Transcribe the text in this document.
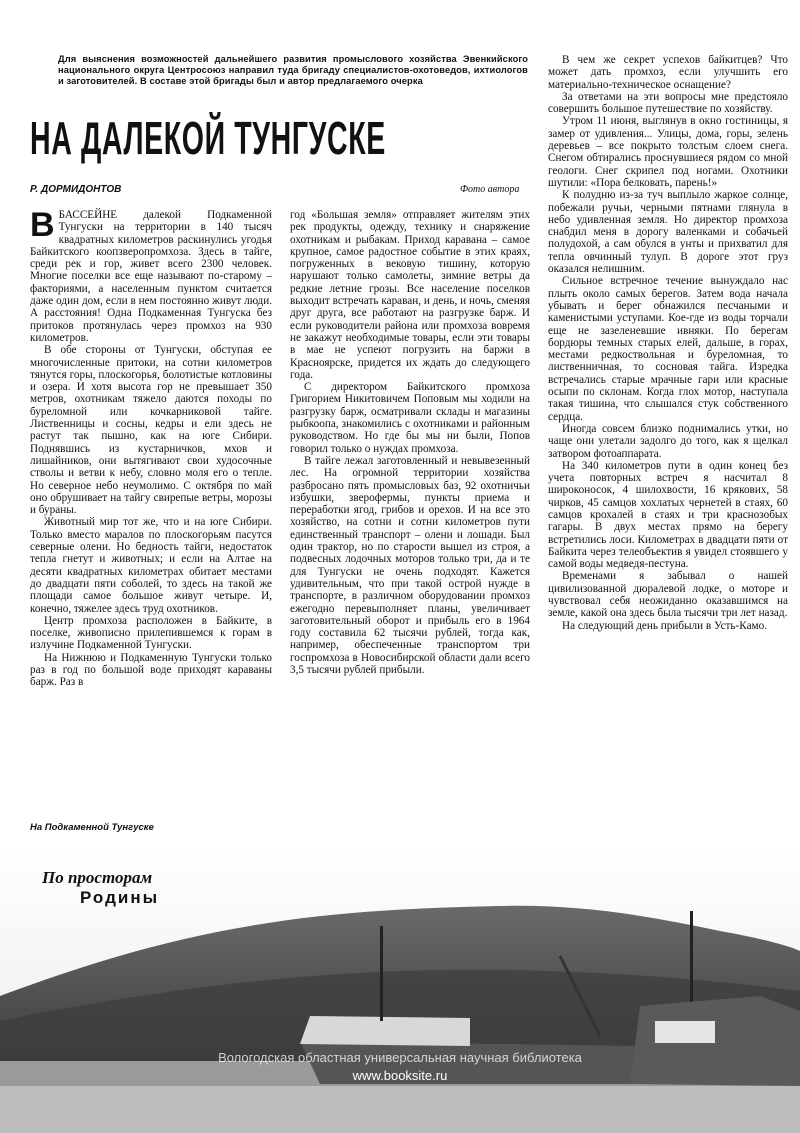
Для выяснения возможностей дальнейшего развития промыслового хозяйства Эвенкийского национального округа Центросоюз направил туда бригаду специалистов-охотоведов, ихтиологов и заготовителей. В составе этой бригады был и автор предлагаемого очерка
НА ДАЛЕКОЙ ТУНГУСКЕ
Р. ДОРМИДОНТОВ	Фото автора

ВБАССЕЙНЕ далекой Подкаменной Тунгуски на территории в 140 тысяч квадратных километров раскинулись угодья Байкитского коопзверопромхоза. Здесь в тайге, среди рек и гор, живет всего 2300 человек. Многие поселки все еще называют по-старому – факториями, а населенным пунктом считается даже один дом, если в нем постоянно живут люди. А расстояния! Одна Подкаменная Тунгуска без притоков протянулась через промхоз на 930 километров.

В обе стороны от Тунгуски, обступая ее многочисленные притоки, на сотни километров тянутся горы, плоскогорья, болотистые котловины и озера. И хотя высота гор не превышает 350 метров, охотникам тяжело даются походы по буреломной или кочкарниковой тайге. Лиственницы и сосны, кедры и ели здесь не растут так пышно, как на юге Сибири. Поднявшись из кустарничков, мхов и лишайников, они вытягивают свои худосочные стволы и ветви к небу, словно моля его о тепле. Но северное небо неумолимо. С октября по май оно обрушивает на тайгу свирепые ветры, морозы и бураны.

Животный мир тот же, что и на юге Сибири. Только вместо маралов по плоскогорьям пасутся северные олени. Но бедность тайги, недостаток тепла гнетут и животных; и если на Алтае на десяти квадратных километрах обитает местами до двадцати пяти соболей, то здесь на такой же площади самое большое живут четыре. И, конечно, тяжелее здесь труд охотников.

Центр промхоза расположен в Байките, в поселке, живописно прилепившемся к горам в излучине Подкаменной Тунгуски.

На Нижнюю и Подкаменную Тунгуски только раз в год по большой воде приходят караваны барж. Раз в

год «Большая земля» отправляет жителям этих рек продукты, одежду, технику и снаряжение охотникам и рыбакам. Приход каравана – самое крупное, самое радостное событие в этих краях, погруженных в вековую тишину, которую нарушают только самолеты, зимние ветры да редкие летние грозы. Все население поселков выходит встречать караван, и день, и ночь, сменяя друг друга, все работают на разгрузке барж. И если руководители района или промхоза вовремя не закажут необходимые товары, если эти товары в мае не успеют погрузить на баржи в Красноярске, придется их ждать до следующего года.

С директором Байкитского промхоза Григорием Никитовичем Поповым мы ходили на разгрузку барж, осматривали склады и магазины рыбкоопа, знакомились с охотниками и районным руководством. Но где бы мы ни были, Попов говорил только о нуждах промхоза.

В тайге лежал заготовленный и невывезенный лес. На огромной территории хозяйства разбросано пять промысловых баз, 92 охотничьи избушки, зверофермы, пункты приема и переработки ягод, грибов и орехов. И на все это хозяйство, на сотни и сотни километров пути единственный транспорт – олени и лошади. Был один трактор, но по старости вышел из строя, а подвесных лодочных моторов только три, да и те для Тунгуски не очень подходят. Кажется удивительным, что при такой острой нужде в транспорте, в различном оборудовании промхоз ежегодно перевыполняет планы, увеличивает заготовительный оборот и прибыль его в 1964 году составила 62 тысячи рублей, тогда как, например, обеспеченные транспортом три госпромхоза в Новосибирской области дали всего 3,5 тысячи рублей прибыли.

В чем же секрет успехов байкитцев? Что может дать промхоз, если улучшить его материально-техническое оснащение?

За ответами на эти вопросы мне предстояло совершить большое путешествие по хозяйству.

Утром 11 июня, выглянув в окно гостиницы, я замер от удивления... Улицы, дома, горы, зелень деревьев – все покрыто толстым слоем снега. Снегом обтирались проснувшиеся рядом со мной геологи. Снег скрипел под ногами. Охотники шутили: «Пора белковать, парень!»

К полудню из-за туч выплыло жаркое солнце, побежали ручьи, черными пятнами глянула в небо удивленная земля. Но директор промхоза снабдил меня в дорогу валенками и собачьей полудохой, а сам обулся в унты и прихватил для тепла овчинный тулуп. В дороге этот груз оказался нелишним.

Сильное встречное течение вынуждало нас плыть около самых берегов. Затем вода начала убывать и берег обнажился песчаными и каменистыми уступами. Кое-где из воды торчали еще не зазеленевшие ивняки. По берегам бордюры темных старых елей, дальше, в горах, местами редкоствольная и буреломная, то лиственничная, то сосновая тайга. Изредка встречались старые мрачные гари или красные осыпи по склонам. Когда глох мотор, наступала такая тишина, что слышался стук собственного сердца.

Иногда совсем близко поднимались утки, но чаще они улетали задолго до того, как я щелкал затвором фотоаппарата.

На 340 километров пути в один конец без учета повторных встреч я насчитал 8 широконосок, 4 шилохвости, 16 крякових, 58 чирков, 45 самцов хохлатых чернетей в стаях, 60 самцов крохалей в стаях и три краснозобых гагары. В двух местах прямо на берегу встретились лоси. Километрах в двадцати пяти от Байкита через телеобъектив я увидел стоявшего у самой воды медведя-пестуна.

Временами я забывал о нашей цивилизованной дюралевой лодке, о моторе и чувствовал себя неожиданно оказавшимся на земле, какой она здесь была тысячи три лет назад.

На следующий день прибыли в Усть-Камо.

На Подкаменной Тунгуске
По просторам
Родины
Вологодская областная универсальная научная библиотека
www.booksite.ru
